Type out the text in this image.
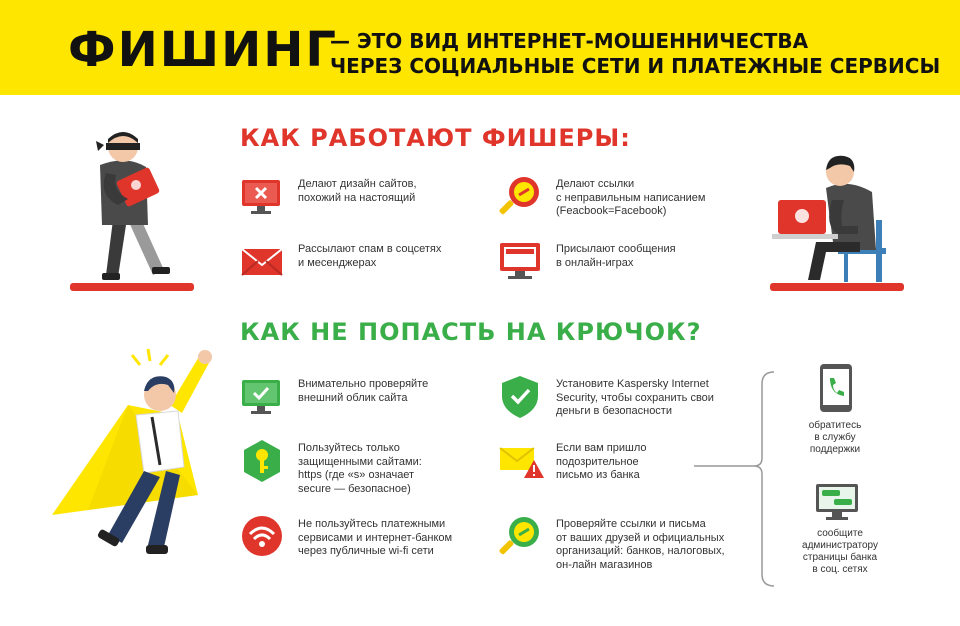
ФИШИНГ
— ЭТО ВИД ИНТЕРНЕТ-МОШЕННИЧЕСТВА
ЧЕРЕЗ СОЦИАЛЬНЫЕ СЕТИ И ПЛАТЕЖНЫЕ СЕРВИСЫ
КАК РАБОТАЮТ ФИШЕРЫ:
КАК НЕ ПОПАСТЬ НА КРЮЧОК?
Делают дизайн сайтов,
похожий на настоящий
Делают ссылки
с неправильным написанием
(Feacbook=Facebook)
Рассылают спам в соцсетях
и месенджерах
Присылают сообщения
в онлайн-играх
Внимательно проверяйте
внешний облик сайта
Установите Kaspersky Internet
Security, чтобы сохранить свои
деньги в безопасности
Пользуйтесь только
защищенными сайтами:
https (где «s» означает
secure — безопасное)
Если вам пришло
подозрительное
письмо из банка
Не пользуйтесь платежными
сервисами и интернет-банком
через публичные wi-fi сети
Проверяйте ссылки и письма
от ваших друзей и официальных
организаций: банков, налоговых,
он-лайн магазинов
обратитесь
в службу
поддержки
сообщите
администратору
страницы банка
в соц. сетях
